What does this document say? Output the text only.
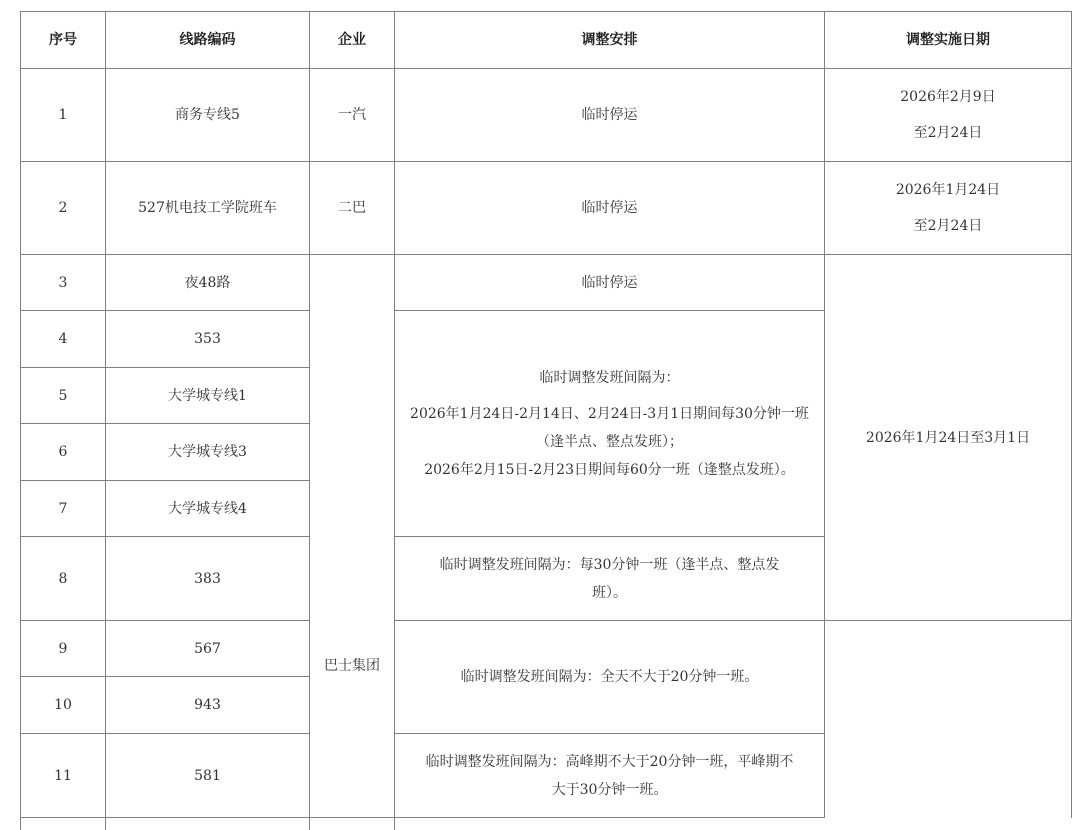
序号	线路编码	企业	调整安排	调整实施日期
1	商务专线5	一汽	临时停运	2026年2月9日
至2月24日

2	527机电技工学院班车	二巴	临时停运	2026年1月24日
至2月24日

3	夜48路	巴士集团	临时停运	2026年1月24日至3月1日
4	353		临时调整发班间隔为：
2026年1月24日-2月14日、2月24日-3月1日期间每30分钟一班
（逢半点、整点发班）；
2026年2月15日-2月23日期间每60分一班（逢整点发班）。	

5	大学城专线1			
6	大学城专线3			
7	大学城专线4			
8	383		临时调整发班间隔为：每30分钟一班（逢半点、整点发
班）。	

9	567		临时调整发班间隔为：全天不大于20分钟一班。	
10	943			
11	581		临时调整发班间隔为：高峰期不大于20分钟一班，平峰期不
大于30分钟一班。	
